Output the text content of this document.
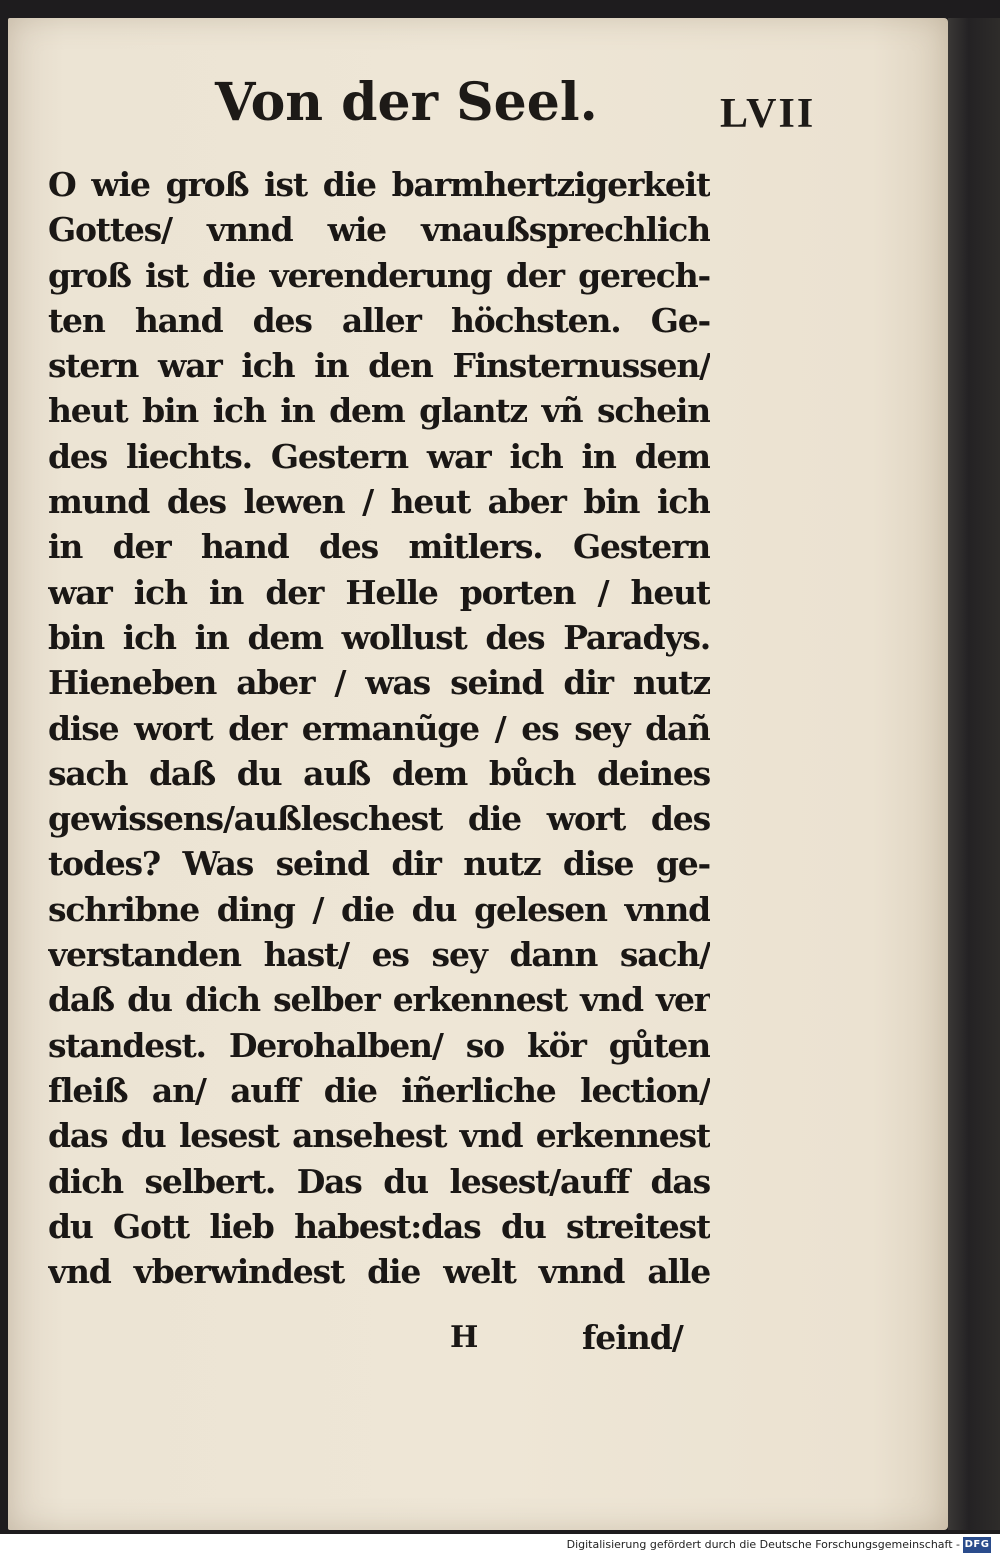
Von der Seel.	LVII
O wie groß ist die barmhertzigerkeit
Gottes/ vnnd wie vnaußsprechlich
groß ist die verenderung der gerech-
ten hand des aller höchsten. Ge-
stern war ich in den Finsternussen/
heut bin ich in dem glantz vñ schein
des liechts. Gestern war ich in dem
mund des lewen / heut aber bin ich
in der hand des mitlers. Gestern
war ich in der Helle porten / heut
bin ich in dem wollust des Paradys.
Hieneben aber / was seind dir nutz
dise wort der ermanũge / es sey dañ
sach daß du auß dem bůch deines
gewissens/außleschest die wort des
todes? Was seind dir nutz dise ge-
schribne ding / die du gelesen vnnd
verstanden hast/ es sey dann sach/
daß du dich selber erkennest vnd ver
standest. Derohalben/ so kör gůten
fleiß an/ auff die iñerliche lection/
das du lesest ansehest vnd erkennest
dich selbert. Das du lesest/auff das
du Gott lieb habest:das du streitest
vnd vberwindest die welt vnnd alle
H	feind/
Digitalisierung gefördert durch die Deutsche Forschungsgemeinschaft - DFG
